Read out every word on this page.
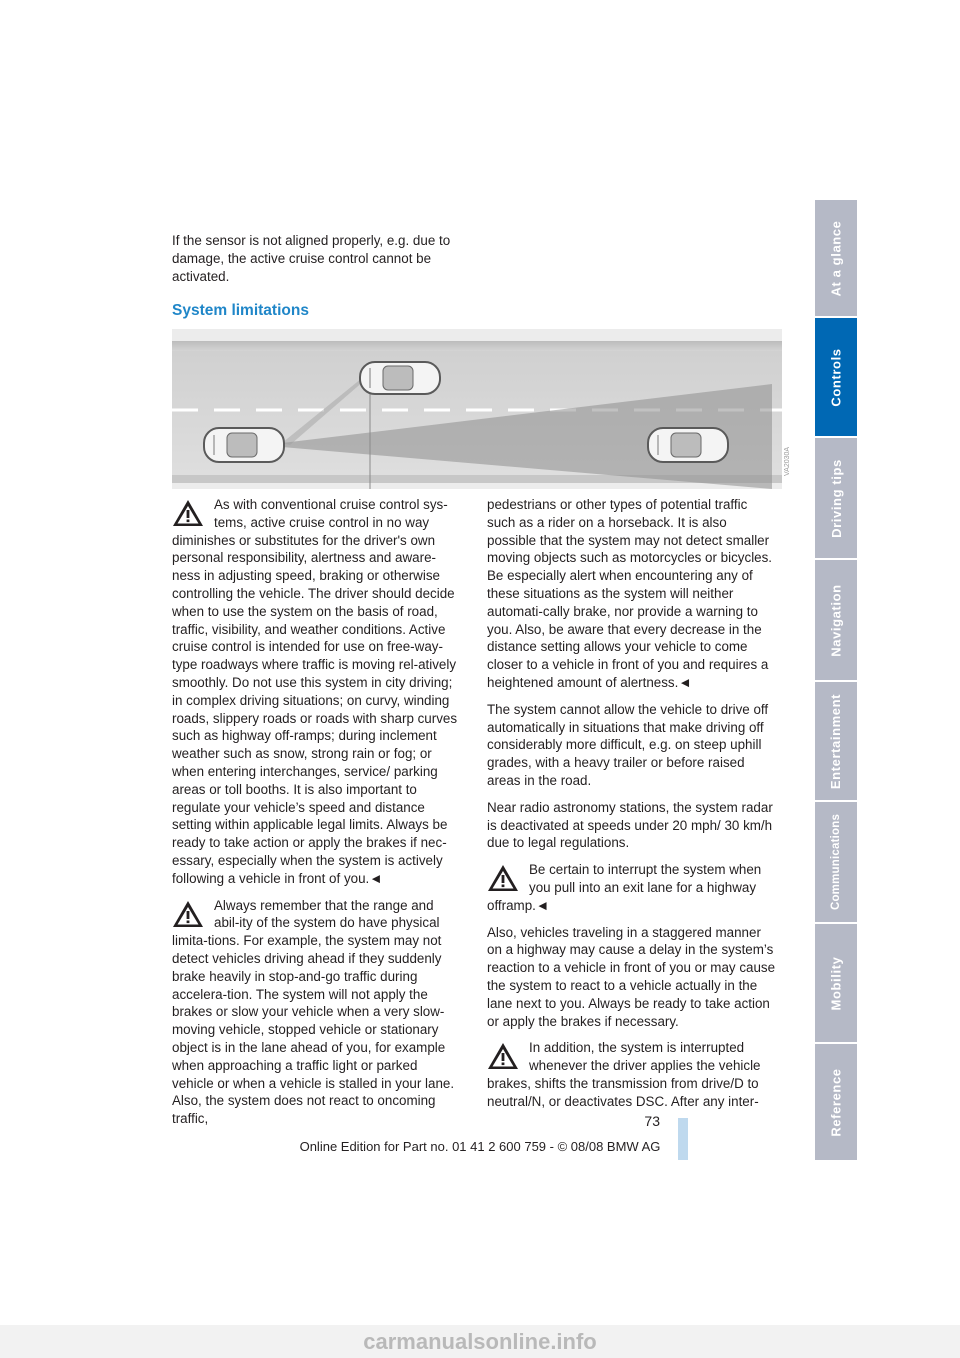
If the sensor is not aligned properly, e.g. due to damage, the active cruise control cannot be activated.

System limitations
VA2030A

As with conventional cruise control sys-tems, active cruise control in no way diminishes or substitutes for the driver's own personal responsibility, alertness and aware-ness in adjusting speed, braking or otherwise controlling the vehicle. The driver should decide when to use the system on the basis of road, traffic, visibility, and weather conditions. Active cruise control is intended for use on free-way-type roadways where traffic is moving rel-atively smoothly. Do not use this system in city driving; in complex driving situations; on curvy, winding roads, slippery roads or roads with sharp curves such as highway off-ramps; during inclement weather such as snow, strong rain or fog; or when entering interchanges, service/ parking areas or toll booths. It is also important to regulate your vehicle’s speed and distance setting within applicable legal limits. Always be ready to take action or apply the brakes if nec-essary, especially when the system is actively following a vehicle in front of you.◄

Always remember that the range and abil-ity of the system do have physical limita-tions. For example, the system may not detect vehicles driving ahead if they suddenly brake heavily in stop-and-go traffic during accelera-tion. The system will not apply the brakes or slow your vehicle when a very slow-moving vehicle, stopped vehicle or stationary object is in the lane ahead of you, for example when approaching a traffic light or parked vehicle or when a vehicle is stalled in your lane. Also, the system does not react to oncoming traffic,

pedestrians or other types of potential traffic such as a rider on a horseback. It is also possible that the system may not detect smaller moving objects such as motorcycles or bicycles. Be especially alert when encountering any of these situations as the system will neither automati-cally brake, nor provide a warning to you. Also, be aware that every decrease in the distance setting allows your vehicle to come closer to a vehicle in front of you and requires a heightened amount of alertness.◄

The system cannot allow the vehicle to drive off automatically in situations that make driving off considerably more difficult, e.g. on steep uphill grades, with a heavy trailer or before raised areas in the road.

Near radio astronomy stations, the system radar is deactivated at speeds under 20 mph/ 30 km/h due to legal regulations.

Be certain to interrupt the system when you pull into an exit lane for a highway offramp.◄

Also, vehicles traveling in a staggered manner on a highway may cause a delay in the system’s reaction to a vehicle in front of you or may cause the system to react to a vehicle actually in the lane next to you. Always be ready to take action or apply the brakes if necessary.

In addition, the system is interrupted whenever the driver applies the vehicle brakes, shifts the transmission from drive/D to neutral/N, or deactivates DSC. After any inter-

At a glance
Controls
Driving tips
Navigation
Entertainment
Communications
Mobility
Reference
73
Online Edition for Part no. 01 41 2 600 759 - © 08/08 BMW AG
carmanualsonline.info
